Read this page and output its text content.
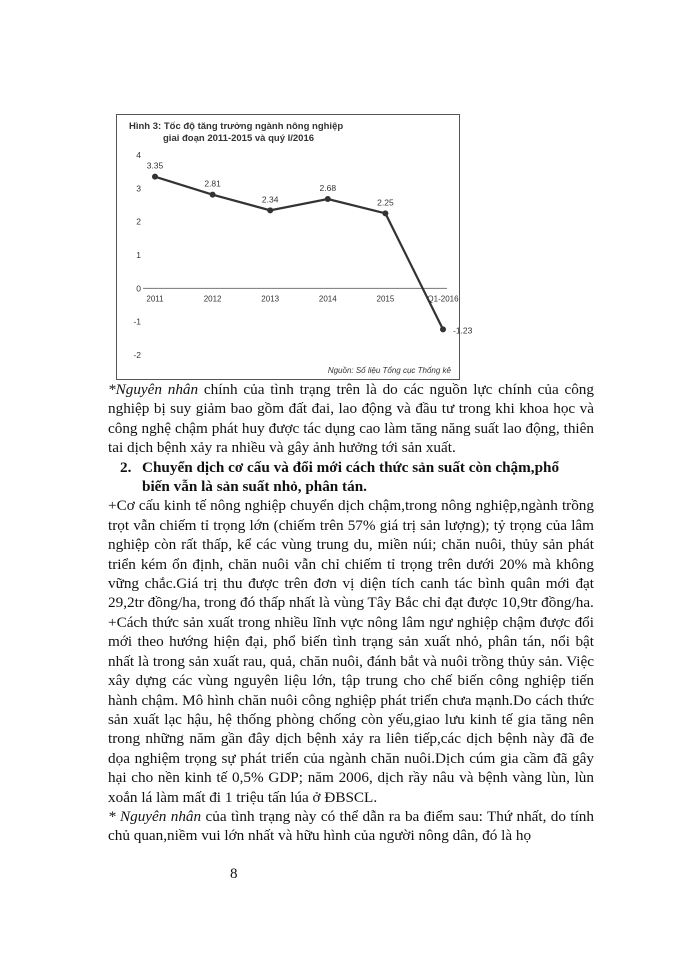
Hình 3: Tốc độ tăng trưởng ngành nông nghiệp
giai đoạn 2011-2015 và quý I/2016
4
3
2
1
0
-1
-2
2011	2012	2013	2014	2015	Q1-2016
3.35
2.81
2.34
2.68
2.25
-1.23
Nguồn: Số liệu Tổng cục Thống kê

*Nguyên nhân chính của tình trạng trên là do các nguồn lực chính của công nghiệp bị suy giảm bao gồm đất đai, lao động và đầu tư trong khi khoa học và công nghệ chậm phát huy được tác dụng cao làm tăng năng suất lao động, thiên tai dịch bệnh xảy ra nhiều và gây ảnh hưởng tới sản xuất.

2. Chuyển dịch cơ cấu và đổi mới cách thức sản suất còn chậm,phổ
biến vẫn là sản suất nhỏ, phân tán.

+Cơ cấu kinh tế nông nghiệp chuyển dịch chậm,trong nông nghiệp,ngành trồng trọt vẫn chiếm tỉ trọng lớn (chiếm trên 57% giá trị sản lượng); tỷ trọng của lâm nghiệp còn rất thấp, kể các vùng trung du, miền núi; chăn nuôi, thủy sản phát triển kém ổn định, chăn nuôi vẫn chỉ chiếm tỉ trọng trên dưới 20% mà không vững chắc.Giá trị thu được trên đơn vị diện tích canh tác bình quân mới đạt 29,2tr đồng/ha, trong đó thấp nhất là vùng Tây Bắc chỉ đạt được 10,9tr đồng/ha.

+Cách thức sản xuất trong nhiều lĩnh vực nông lâm ngư nghiệp chậm được đổi mới theo hướng hiện đại, phổ biến tình trạng sản xuất nhỏ, phân tán, nổi bật nhất là trong sản xuất rau, quả, chăn nuôi, đánh bắt và nuôi trồng thủy sản. Việc xây dựng các vùng nguyên liệu lớn, tập trung cho chế biến công nghiệp tiến hành chậm. Mô hình chăn nuôi công nghiệp phát triển chưa mạnh.Do cách thức sản xuất lạc hậu, hệ thống phòng chống còn yếu,giao lưu kinh tế gia tăng nên trong những năm gần đây dịch bệnh xảy ra liên tiếp,các dịch bệnh này đã đe dọa nghiệm trọng sự phát triển của ngành chăn nuôi.Dịch cúm gia cầm đã gây hại cho nền kinh tế 0,5% GDP; năm 2006, dịch rầy nâu và bệnh vàng lùn, lùn xoắn lá làm mất đi 1 triệu tấn lúa ở ĐBSCL.

* Nguyên nhân của tình trạng này có thể dẫn ra ba điểm sau: Thứ nhất, do tính chủ quan,niềm vui lớn nhất và hữu hình của người nông dân, đó là họ

8
